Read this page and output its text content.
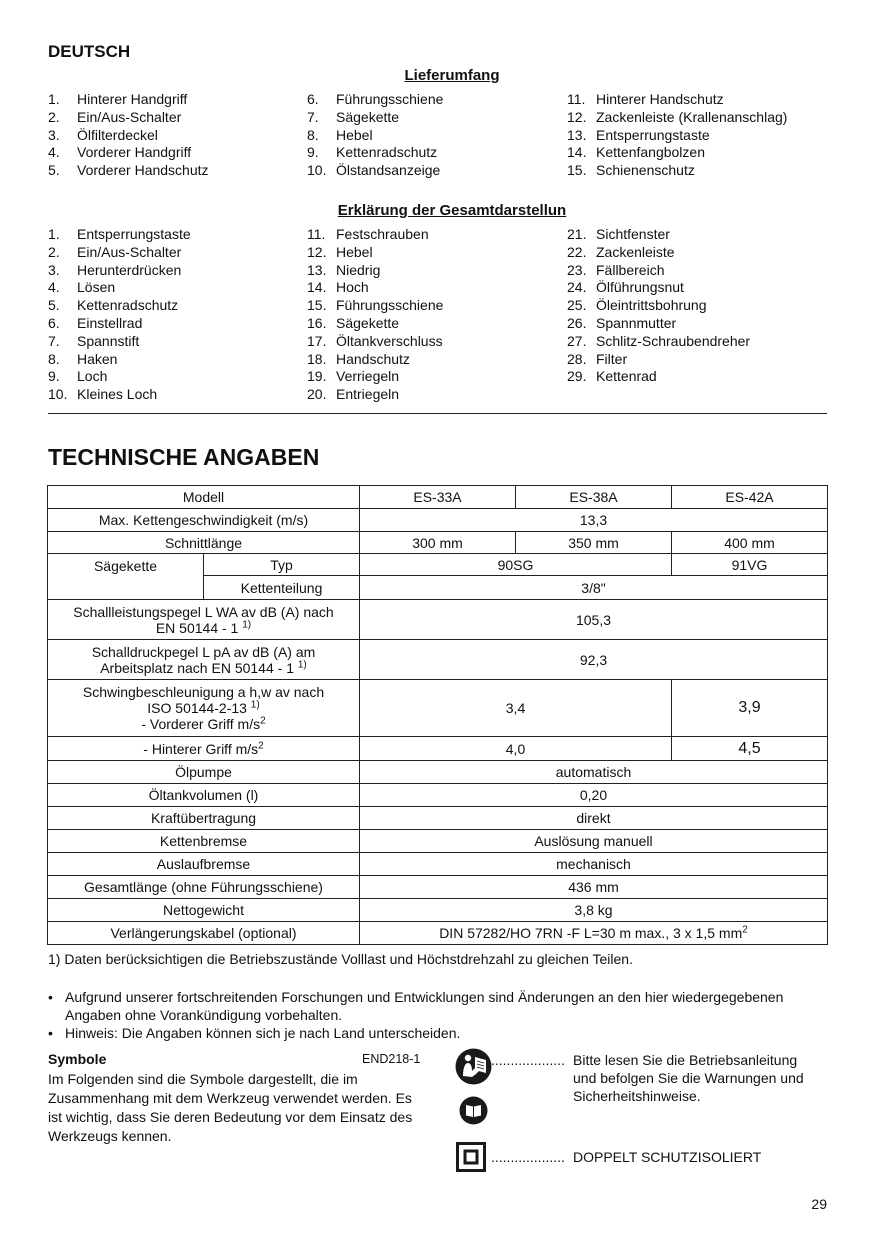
DEUTSCH
Lieferumfang
1.	Hinterer Handgriff
2.	Ein/Aus-Schalter
3.	Ölfilterdeckel
4.	Vorderer Handgriff
5.	Vorderer Handschutz
6.	Führungsschiene
7.	Sägekette
8.	Hebel
9.	Kettenradschutz
10. Ölstandsanzeige
11. Hinterer Handschutz
12. Zackenleiste (Krallenanschlag)
13. Entsperrungstaste
14. Kettenfangbolzen
15. Schienenschutz
Erklärung der Gesamtdarstellun
1.	Entsperrungstaste
2.	Ein/Aus-Schalter
3.	Herunterdrücken
4.	Lösen
5.	Kettenradschutz
6.	Einstellrad
7.	Spannstift
8.	Haken
9.	Loch
10. Kleines Loch
11. Festschrauben
12. Hebel
13. Niedrig
14. Hoch
15. Führungsschiene
16. Sägekette
17. Öltankverschluss
18. Handschutz
19. Verriegeln
20. Entriegeln
21. Sichtfenster
22. Zackenleiste
23. Fällbereich
24. Ölführungsnut
25. Öleintrittsbohrung
26. Spannmutter
27. Schlitz-Schraubendreher
28. Filter
29. Kettenrad
TECHNISCHE ANGABEN
Modell		ES-33A	ES-38A	ES-42A
Max. Kettengeschwindigkeit (m/s)		13,3		
Schnittlänge		300 mm	350 mm	400 mm
Sägekette	Typ	90SG		91VG
	Kettenteilung	3/8"		
Schallleistungspegel L WA av dB (A) nach
EN 50144 - 1 $^{1)}$		105,3		
Schalldruckpegel L pA av dB (A) am
Arbeitsplatz nach EN 50144 - 1 $^{1)}$		92,3		
Schwingbeschleunigung a h,w av nach
ISO 50144-2-13 $^{1)}$
- Vorderer Griff $m/s^2$		3,4		3,9
- Hinterer Griff $m/s^2$		4,0		4,5
Ölpumpe		automatisch		
Öltankvolumen (l)		0,20		
Kraftübertragung		direkt		
Kettenbremse		Auslösung manuell		
Auslaufbremse		mechanisch		
Gesamtlänge (ohne Führungsschiene)		436 mm		
Nettogewicht		3,8 kg		
Verlängerungskabel (optional)		DIN 57282/HO 7RN -F L=30 m max., 3 x 1,5 $mm^2$
1) Daten berücksichtigen die Betriebszustände Volllast und Höchstdrehzahl zu gleichen Teilen.
• Aufgrund unserer fortschreitenden Forschungen und Entwicklungen sind Änderungen an den hier wiedergegebenen Angaben ohne Vorankündigung vorbehalten.
• Hinweis: Die Angaben können sich je nach Land unterscheiden.
Symbole	END218-1
Im Folgenden sind die Symbole dargestellt, die im Zusammenhang mit dem Werkzeug verwendet werden. Es ist wichtig, dass Sie deren Bedeutung vor dem Einsatz des Werkzeugs kennen.
................... Bitte lesen Sie die Betriebsanleitung und befolgen Sie die Warnungen und Sicherheitshinweise.
................... DOPPELT SCHUTZISOLIERT
29
